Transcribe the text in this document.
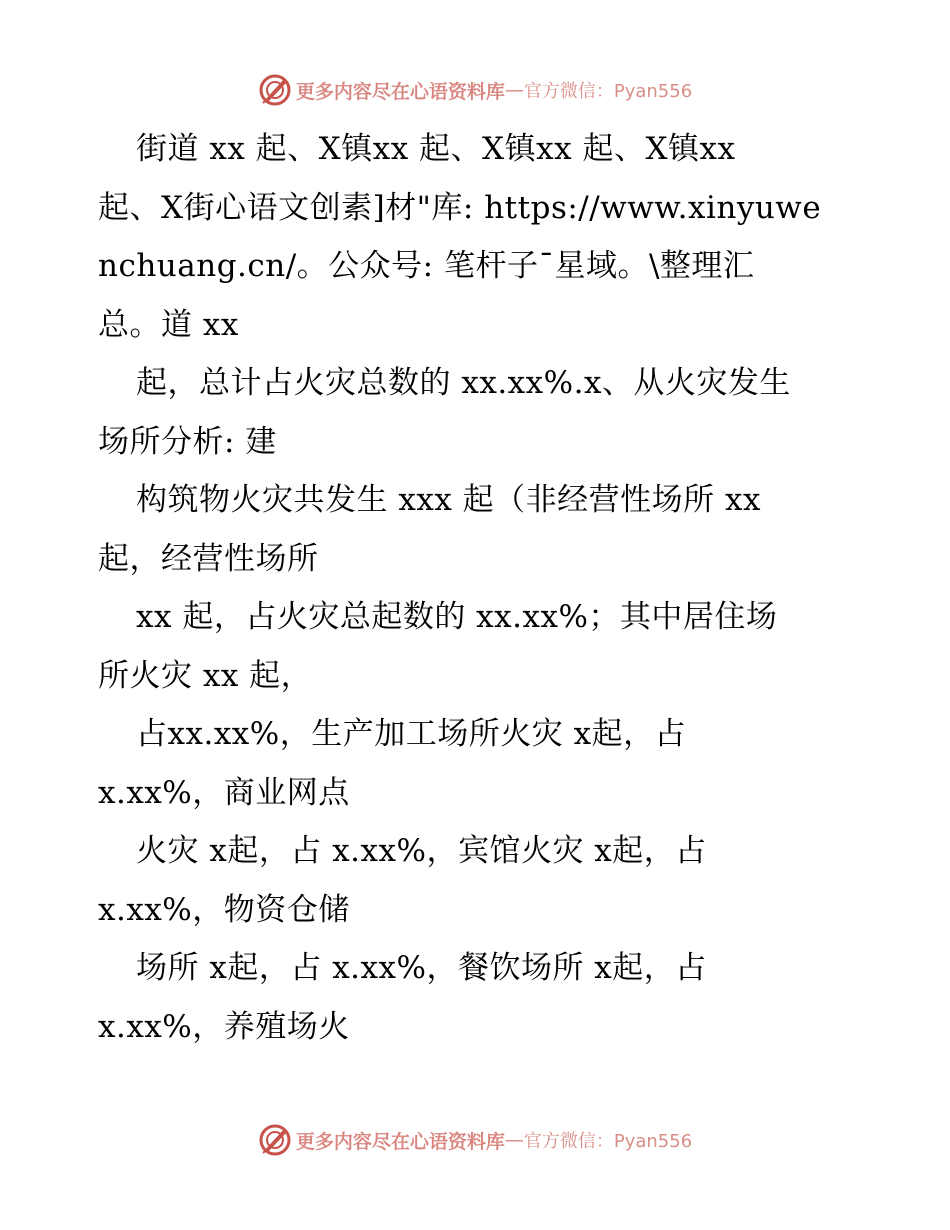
更多内容尽在心语资料库 — 官方微信：Pyan556
街道 xx 起、X镇xx 起、X镇xx 起、X镇xx
起、X街心语文创素]材"库: https://www.xinyuwe
nchuang.cn/。公众号: 笔杆子¯星域。\整理汇
总。道 xx
起，总计占火灾总数的 xx.xx%.x、从火灾发生
场所分析: 建
构筑物火灾共发生 xxx 起（非经营性场所 xx
起，经营性场所
xx 起，占火灾总起数的 xx.xx%；其中居住场
所火灾 xx 起，
占xx.xx%，生产加工场所火灾 x起，占
x.xx%，商业网点
火灾 x起，占 x.xx%，宾馆火灾 x起，占
x.xx%，物资仓储
场所 x起，占 x.xx%，餐饮场所 x起，占
x.xx%，养殖场火
更多内容尽在心语资料库 — 官方微信：Pyan556
